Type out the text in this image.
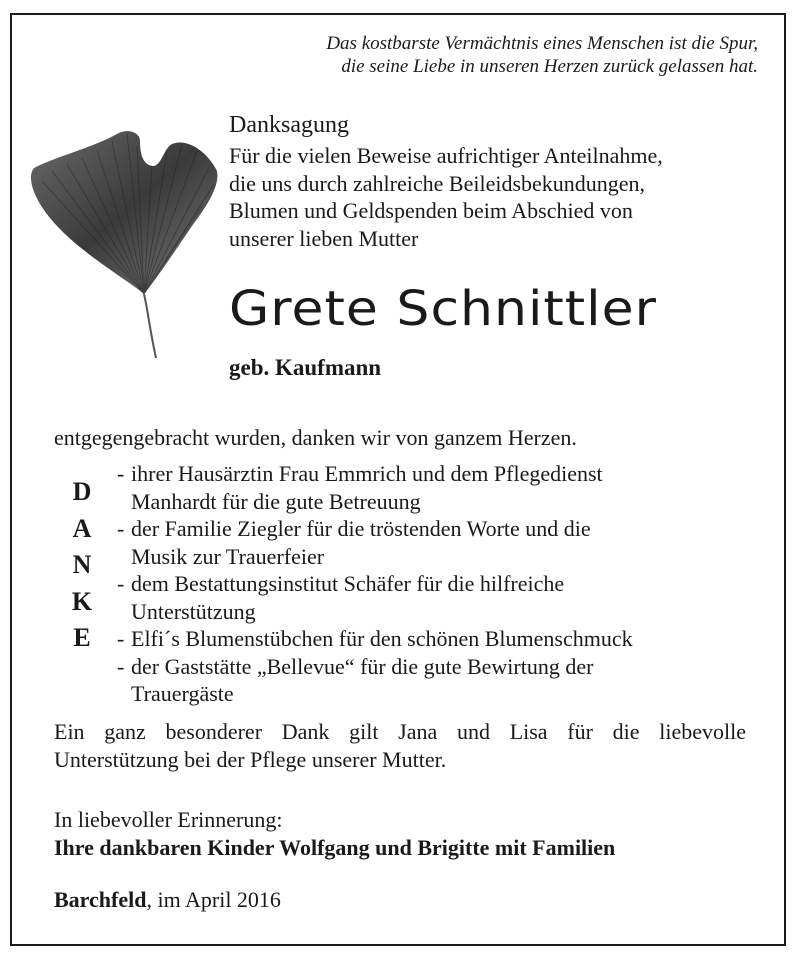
Das kostbarste Vermächtnis eines Menschen ist die Spur,
die seine Liebe in unseren Herzen zurück gelassen hat.
Danksagung
Für die vielen Beweise aufrichtiger Anteilnahme,
die uns durch zahlreiche Beileidsbekundungen,
Blumen und Geldspenden beim Abschied von
unserer lieben Mutter
Grete Schnittler
geb. Kaufmann
entgegengebracht wurden, danken wir von ganzem Herzen.
D
A
N
K
E
- ihrer Hausärztin Frau Emmrich und dem Pflegedienst
Manhardt für die gute Betreuung
- der Familie Ziegler für die tröstenden Worte und die
Musik zur Trauerfeier
- dem Bestattungsinstitut Schäfer für die hilfreiche
Unterstützung
- Elfi´s Blumenstübchen für den schönen Blumenschmuck
- der Gaststätte „Bellevue“ für die gute Bewirtung der
Trauergäste
Ein ganz besonderer Dank gilt Jana und Lisa für die liebevolle
Unterstützung bei der Pflege unserer Mutter.
In liebevoller Erinnerung:
Ihre dankbaren Kinder Wolfgang und Brigitte mit Familien
Barchfeld, im April 2016
